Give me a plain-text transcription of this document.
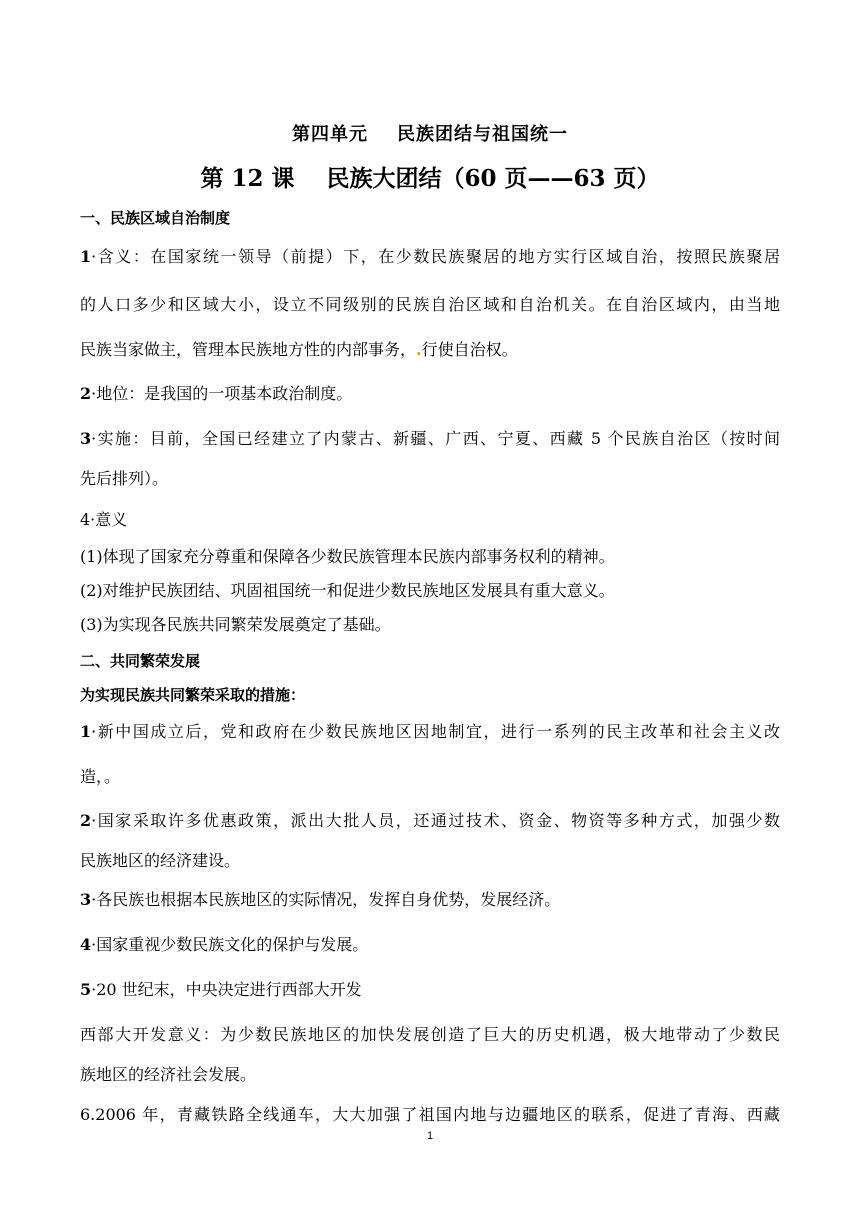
第四单元    民族团结与祖国统一
第 12 课    民族大团结（60 页——63 页）
一、民族区域自治制度
1·含义：在国家统一领导（前提）下，在少数民族聚居的地方实行区域自治，按照民族聚居
的人口多少和区域大小，设立不同级别的民族自治区域和自治机关。在自治区域内，由当地
民族当家做主，管理本民族地方性的内部事务，.行使自治权。
2·地位：是我国的一项基本政治制度。
3·实施：目前，全国已经建立了内蒙古、新疆、广西、宁夏、西藏 5 个民族自治区（按时间
先后排列）。
4·意义
(1)体现了国家充分尊重和保障各少数民族管理本民族内部事务权利的精神。
(2)对维护民族团结、巩固祖国统一和促进少数民族地区发展具有重大意义。
(3)为实现各民族共同繁荣发展奠定了基础。
二、共同繁荣发展
为实现民族共同繁荣采取的措施：
1·新中国成立后，党和政府在少数民族地区因地制宜，进行一系列的民主改革和社会主义改
造，。
2·国家采取许多优惠政策，派出大批人员，还通过技术、资金、物资等多种方式，加强少数
民族地区的经济建设。
3·各民族也根据本民族地区的实际情况，发挥自身优势，发展经济。
4·国家重视少数民族文化的保护与发展。
5·20 世纪末，中央决定进行西部大开发
西部大开发意义：为少数民族地区的加快发展创造了巨大的历史机遇，极大地带动了少数民
族地区的经济社会发展。
6.2006 年，青藏铁路全线通车，大大加强了祖国内地与边疆地区的联系，促进了青海、西藏
1
